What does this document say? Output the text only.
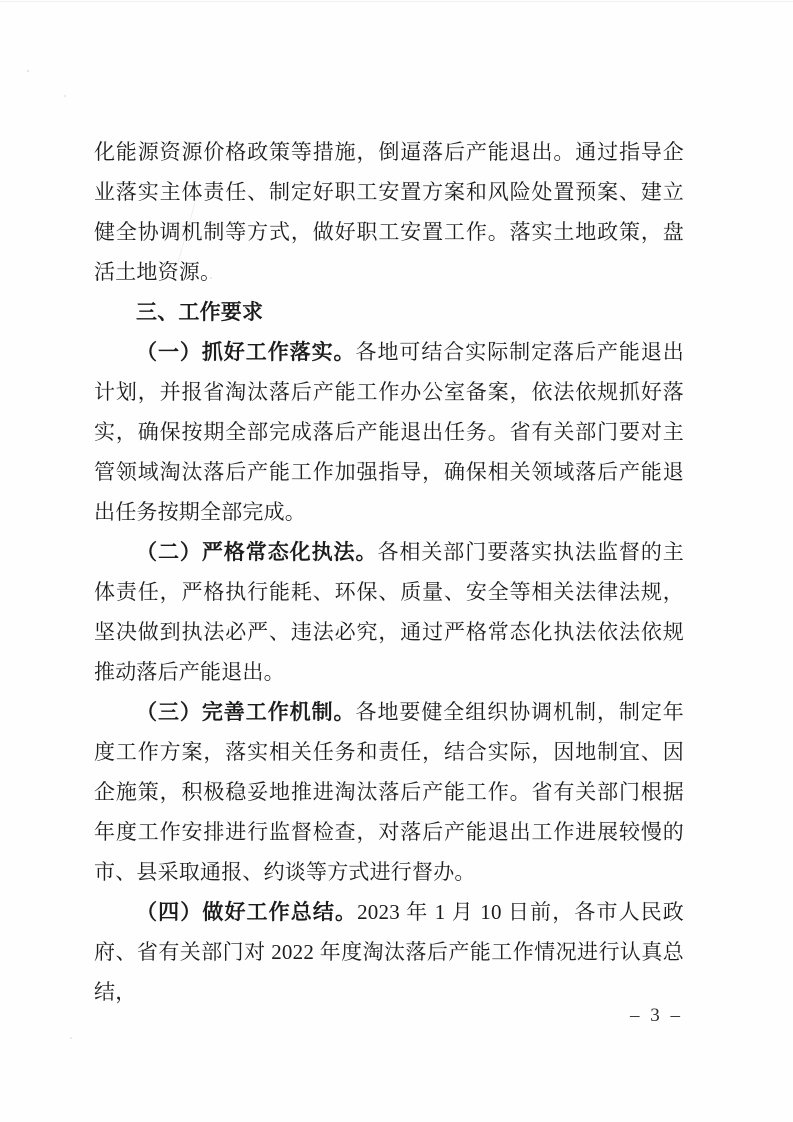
化能源资源价格政策等措施，倒逼落后产能退出。通过指导企业落实主体责任、制定好职工安置方案和风险处置预案、建立健全协调机制等方式，做好职工安置工作。落实土地政策，盘活土地资源。

三、工作要求

（一）抓好工作落实。各地可结合实际制定落后产能退出计划，并报省淘汰落后产能工作办公室备案，依法依规抓好落实，确保按期全部完成落后产能退出任务。省有关部门要对主管领域淘汰落后产能工作加强指导，确保相关领域落后产能退出任务按期全部完成。

（二）严格常态化执法。各相关部门要落实执法监督的主体责任，严格执行能耗、环保、质量、安全等相关法律法规，坚决做到执法必严、违法必究，通过严格常态化执法依法依规推动落后产能退出。

（三）完善工作机制。各地要健全组织协调机制，制定年度工作方案，落实相关任务和责任，结合实际，因地制宜、因企施策，积极稳妥地推进淘汰落后产能工作。省有关部门根据年度工作安排进行监督检查，对落后产能退出工作进展较慢的市、县采取通报、约谈等方式进行督办。

（四）做好工作总结。2023 年 1 月 10 日前，各市人民政府、省有关部门对 2022 年度淘汰落后产能工作情况进行认真总结，

– 3 –
